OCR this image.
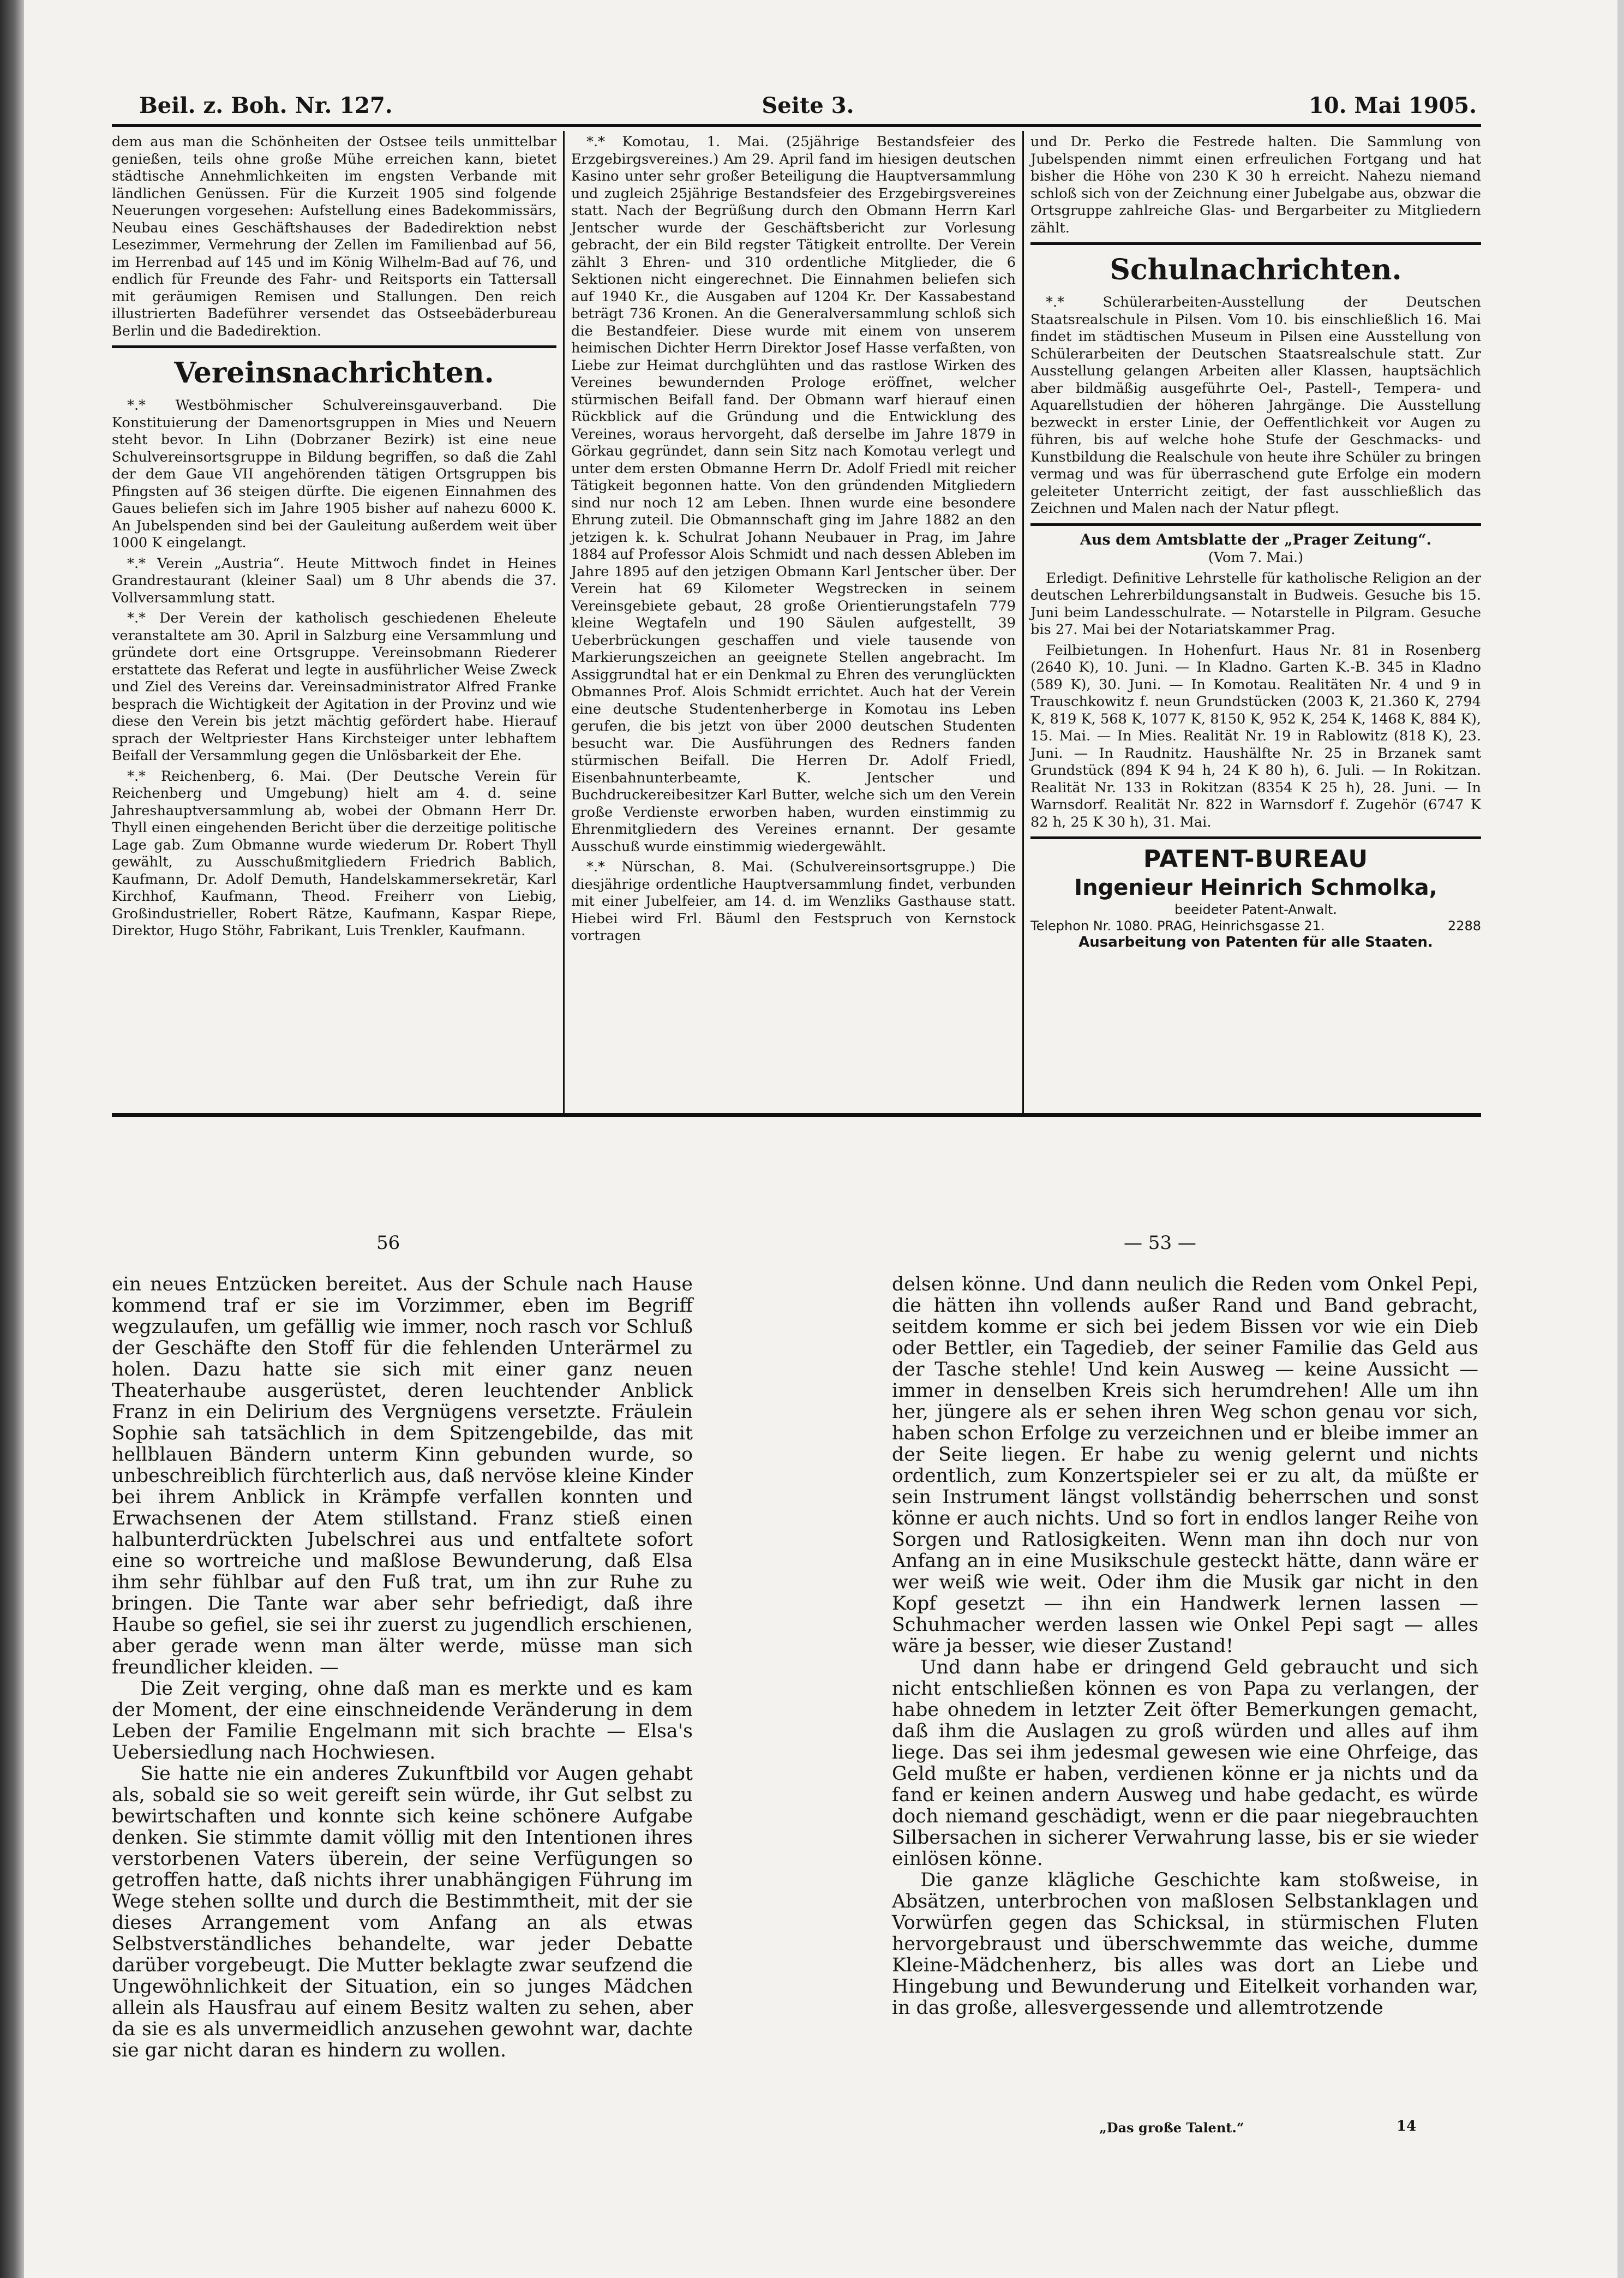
Beil. z. Boh. Nr. 127.	Seite 3.	10. Mai 1905.

dem aus man die Schönheiten der Ostsee teils unmittelbar genießen, teils ohne große Mühe erreichen kann, bietet städtische Annehmlichkeiten im engsten Verbande mit ländlichen Genüssen. Für die Kurzeit 1905 sind folgende Neuerungen vorgesehen: Aufstellung eines Badekommissärs, Neubau eines Geschäftshauses der Badedirektion nebst Lesezimmer, Vermehrung der Zellen im Familienbad auf 56, im Herrenbad auf 145 und im König Wilhelm-Bad auf 76, und endlich für Freunde des Fahr- und Reitsports ein Tattersall mit geräumigen Remisen und Stallungen. Den reich illustrierten Badeführer versendet das Ostseebäderbureau Berlin und die Badedirektion.

Vereinsnachrichten.

*.* Westböhmischer Schulvereinsgauverband. Die Konstituierung der Damenortsgruppen in Mies und Neuern steht bevor. In Lihn (Dobrzaner Bezirk) ist eine neue Schulvereinsortsgruppe in Bildung begriffen, so daß die Zahl der dem Gaue VII angehörenden tätigen Ortsgruppen bis Pfingsten auf 36 steigen dürfte. Die eigenen Einnahmen des Gaues beliefen sich im Jahre 1905 bisher auf nahezu 6000 K. An Jubelspenden sind bei der Gauleitung außerdem weit über 1000 K eingelangt.

*.* Verein „Austria“. Heute Mittwoch findet in Heines Grandrestaurant (kleiner Saal) um 8 Uhr abends die 37. Vollversammlung statt.

*.* Der Verein der katholisch geschiedenen Eheleute veranstaltete am 30. April in Salzburg eine Versammlung und gründete dort eine Ortsgruppe. Vereinsobmann Riederer erstattete das Referat und legte in ausführlicher Weise Zweck und Ziel des Vereins dar. Vereinsadministrator Alfred Franke besprach die Wichtigkeit der Agitation in der Provinz und wie diese den Verein bis jetzt mächtig gefördert habe. Hierauf sprach der Weltpriester Hans Kirchsteiger unter lebhaftem Beifall der Versammlung gegen die Unlösbarkeit der Ehe.

*.* Reichenberg, 6. Mai. (Der Deutsche Verein für Reichenberg und Umgebung) hielt am 4. d. seine Jahreshauptversammlung ab, wobei der Obmann Herr Dr. Thyll einen eingehenden Bericht über die derzeitige politische Lage gab. Zum Obmanne wurde wiederum Dr. Robert Thyll gewählt, zu Ausschußmitgliedern Friedrich Bablich, Kaufmann, Dr. Adolf Demuth, Handelskammersekretär, Karl Kirchhof, Kaufmann, Theod. Freiherr von Liebig, Großindustrieller, Robert Rätze, Kaufmann, Kaspar Riepe, Direktor, Hugo Stöhr, Fabrikant, Luis Trenkler, Kaufmann.

*.* Komotau, 1. Mai. (25jährige Bestandsfeier des Erzgebirgsvereines.) Am 29. April fand im hiesigen deutschen Kasino unter sehr großer Beteiligung die Hauptversammlung und zugleich 25jährige Bestandsfeier des Erzgebirgsvereines statt. Nach der Begrüßung durch den Obmann Herrn Karl Jentscher wurde der Geschäftsbericht zur Vorlesung gebracht, der ein Bild regster Tätigkeit entrollte. Der Verein zählt 3 Ehren- und 310 ordentliche Mitglieder, die 6 Sektionen nicht eingerechnet. Die Einnahmen beliefen sich auf 1940 Kr., die Ausgaben auf 1204 Kr. Der Kassabestand beträgt 736 Kronen. An die Generalversammlung schloß sich die Bestandfeier. Diese wurde mit einem von unserem heimischen Dichter Herrn Direktor Josef Hasse verfaßten, von Liebe zur Heimat durchglühten und das rastlose Wirken des Vereines bewundernden Prologe eröffnet, welcher stürmischen Beifall fand. Der Obmann warf hierauf einen Rückblick auf die Gründung und die Entwicklung des Vereines, woraus hervorgeht, daß derselbe im Jahre 1879 in Görkau gegründet, dann sein Sitz nach Komotau verlegt und unter dem ersten Obmanne Herrn Dr. Adolf Friedl mit reicher Tätigkeit begonnen hatte. Von den gründenden Mitgliedern sind nur noch 12 am Leben. Ihnen wurde eine besondere Ehrung zuteil. Die Obmannschaft ging im Jahre 1882 an den jetzigen k. k. Schulrat Johann Neubauer in Prag, im Jahre 1884 auf Professor Alois Schmidt und nach dessen Ableben im Jahre 1895 auf den jetzigen Obmann Karl Jentscher über. Der Verein hat 69 Kilometer Wegstrecken in seinem Vereinsgebiete gebaut, 28 große Orientierungstafeln 779 kleine Wegtafeln und 190 Säulen aufgestellt, 39 Ueberbrückungen geschaffen und viele tausende von Markierungszeichen an geeignete Stellen angebracht. Im Assiggrundtal hat er ein Denkmal zu Ehren des verunglückten Obmannes Prof. Alois Schmidt errichtet. Auch hat der Verein eine deutsche Studentenherberge in Komotau ins Leben gerufen, die bis jetzt von über 2000 deutschen Studenten besucht war. Die Ausführungen des Redners fanden stürmischen Beifall. Die Herren Dr. Adolf Friedl, Eisenbahnunterbeamte, K. Jentscher und Buchdruckereibesitzer Karl Butter, welche sich um den Verein große Verdienste erworben haben, wurden einstimmig zu Ehrenmitgliedern des Vereines ernannt. Der gesamte Ausschuß wurde einstimmig wiedergewählt.

*.* Nürschan, 8. Mai. (Schulvereinsortsgruppe.) Die diesjährige ordentliche Hauptversammlung findet, verbunden mit einer Jubelfeier, am 14. d. im Wenzliks Gasthause statt. Hiebei wird Frl. Bäuml den Festspruch von Kernstock vortragen

und Dr. Perko die Festrede halten. Die Sammlung von Jubelspenden nimmt einen erfreulichen Fortgang und hat bisher die Höhe von 230 K 30 h erreicht. Nahezu niemand schloß sich von der Zeichnung einer Jubelgabe aus, obzwar die Ortsgruppe zahlreiche Glas- und Bergarbeiter zu Mitgliedern zählt.

Schulnachrichten.

*.* Schülerarbeiten-Ausstellung der Deutschen Staatsrealschule in Pilsen. Vom 10. bis einschließlich 16. Mai findet im städtischen Museum in Pilsen eine Ausstellung von Schülerarbeiten der Deutschen Staatsrealschule statt. Zur Ausstellung gelangen Arbeiten aller Klassen, hauptsächlich aber bildmäßig ausgeführte Oel-, Pastell-, Tempera- und Aquarellstudien der höheren Jahrgänge. Die Ausstellung bezweckt in erster Linie, der Oeffentlichkeit vor Augen zu führen, bis auf welche hohe Stufe der Geschmacks- und Kunstbildung die Realschule von heute ihre Schüler zu bringen vermag und was für überraschend gute Erfolge ein modern geleiteter Unterricht zeitigt, der fast ausschließlich das Zeichnen und Malen nach der Natur pflegt.

Aus dem Amtsblatte der „Prager Zeitung“.
(Vom 7. Mai.)

Erledigt. Definitive Lehrstelle für katholische Religion an der deutschen Lehrerbildungsanstalt in Budweis. Gesuche bis 15. Juni beim Landesschulrate. — Notarstelle in Pilgram. Gesuche bis 27. Mai bei der Notariatskammer Prag.

Feilbietungen. In Hohenfurt. Haus Nr. 81 in Rosenberg (2640 K), 10. Juni. — In Kladno. Garten K.-B. 345 in Kladno (589 K), 30. Juni. — In Komotau. Realitäten Nr. 4 und 9 in Trauschkowitz f. neun Grundstücken (2003 K, 21.360 K, 2794 K, 819 K, 568 K, 1077 K, 8150 K, 952 K, 254 K, 1468 K, 884 K), 15. Mai. — In Mies. Realität Nr. 19 in Rablowitz (818 K), 23. Juni. — In Raudnitz. Haushälfte Nr. 25 in Brzanek samt Grundstück (894 K 94 h, 24 K 80 h), 6. Juli. — In Rokitzan. Realität Nr. 133 in Rokitzan (8354 K 25 h), 28. Juni. — In Warnsdorf. Realität Nr. 822 in Warnsdorf f. Zugehör (6747 K 82 h, 25 K 30 h), 31. Mai.

PATENT-BUREAU
Ingenieur Heinrich Schmolka,
beeideter Patent-Anwalt.
Telephon Nr. 1080. PRAG, Heinrichsgasse 21.	2288
Ausarbeitung von Patenten für alle Staaten.
56	— 53 —

ein neues Entzücken bereitet. Aus der Schule nach Hause kommend traf er sie im Vorzimmer, eben im Begriff wegzulaufen, um gefällig wie immer, noch rasch vor Schluß der Geschäfte den Stoff für die fehlenden Unterärmel zu holen. Dazu hatte sie sich mit einer ganz neuen Theaterhaube ausgerüstet, deren leuchtender Anblick Franz in ein Delirium des Vergnügens versetzte. Fräulein Sophie sah tatsächlich in dem Spitzengebilde, das mit hellblauen Bändern unterm Kinn gebunden wurde, so unbeschreiblich fürchterlich aus, daß nervöse kleine Kinder bei ihrem Anblick in Krämpfe verfallen konnten und Erwachsenen der Atem stillstand. Franz stieß einen halbunterdrückten Jubelschrei aus und entfaltete sofort eine so wortreiche und maßlose Bewunderung, daß Elsa ihm sehr fühlbar auf den Fuß trat, um ihn zur Ruhe zu bringen. Die Tante war aber sehr befriedigt, daß ihre Haube so gefiel, sie sei ihr zuerst zu jugendlich erschienen, aber gerade wenn man älter werde, müsse man sich freundlicher kleiden. —

Die Zeit verging, ohne daß man es merkte und es kam der Moment, der eine einschneidende Veränderung in dem Leben der Familie Engelmann mit sich brachte — Elsa's Uebersiedlung nach Hochwiesen.

Sie hatte nie ein anderes Zukunftbild vor Augen gehabt als, sobald sie so weit gereift sein würde, ihr Gut selbst zu bewirtschaften und konnte sich keine schönere Aufgabe denken. Sie stimmte damit völlig mit den Intentionen ihres verstorbenen Vaters überein, der seine Verfügungen so getroffen hatte, daß nichts ihrer unabhängigen Führung im Wege stehen sollte und durch die Bestimmtheit, mit der sie dieses Arrangement vom Anfang an als etwas Selbstverständliches behandelte, war jeder Debatte darüber vorgebeugt. Die Mutter beklagte zwar seufzend die Ungewöhnlichkeit der Situation, ein so junges Mädchen allein als Hausfrau auf einem Besitz walten zu sehen, aber da sie es als unvermeidlich anzusehen gewohnt war, dachte sie gar nicht daran es hindern zu wollen.

delsen könne. Und dann neulich die Reden vom Onkel Pepi, die hätten ihn vollends außer Rand und Band gebracht, seitdem komme er sich bei jedem Bissen vor wie ein Dieb oder Bettler, ein Tagedieb, der seiner Familie das Geld aus der Tasche stehle! Und kein Ausweg — keine Aussicht — immer in denselben Kreis sich herumdrehen! Alle um ihn her, jüngere als er sehen ihren Weg schon genau vor sich, haben schon Erfolge zu verzeichnen und er bleibe immer an der Seite liegen. Er habe zu wenig gelernt und nichts ordentlich, zum Konzertspieler sei er zu alt, da müßte er sein Instrument längst vollständig beherrschen und sonst könne er auch nichts. Und so fort in endlos langer Reihe von Sorgen und Ratlosigkeiten. Wenn man ihn doch nur von Anfang an in eine Musikschule gesteckt hätte, dann wäre er wer weiß wie weit. Oder ihm die Musik gar nicht in den Kopf gesetzt — ihn ein Handwerk lernen lassen — Schuhmacher werden lassen wie Onkel Pepi sagt — alles wäre ja besser, wie dieser Zustand!

Und dann habe er dringend Geld gebraucht und sich nicht entschließen können es von Papa zu verlangen, der habe ohnedem in letzter Zeit öfter Bemerkungen gemacht, daß ihm die Auslagen zu groß würden und alles auf ihm liege. Das sei ihm jedesmal gewesen wie eine Ohrfeige, das Geld mußte er haben, verdienen könne er ja nichts und da fand er keinen andern Ausweg und habe gedacht, es würde doch niemand geschädigt, wenn er die paar niegebrauchten Silbersachen in sicherer Verwahrung lasse, bis er sie wieder einlösen könne.

Die ganze klägliche Geschichte kam stoßweise, in Absätzen, unterbrochen von maßlosen Selbstanklagen und Vorwürfen gegen das Schicksal, in stürmischen Fluten hervorgebraust und überschwemmte das weiche, dumme Kleine-Mädchenherz, bis alles was dort an Liebe und Hingebung und Bewunderung und Eitelkeit vorhanden war, in das große, allesvergessende und allemtrotzende

„Das große Talent.“	14
